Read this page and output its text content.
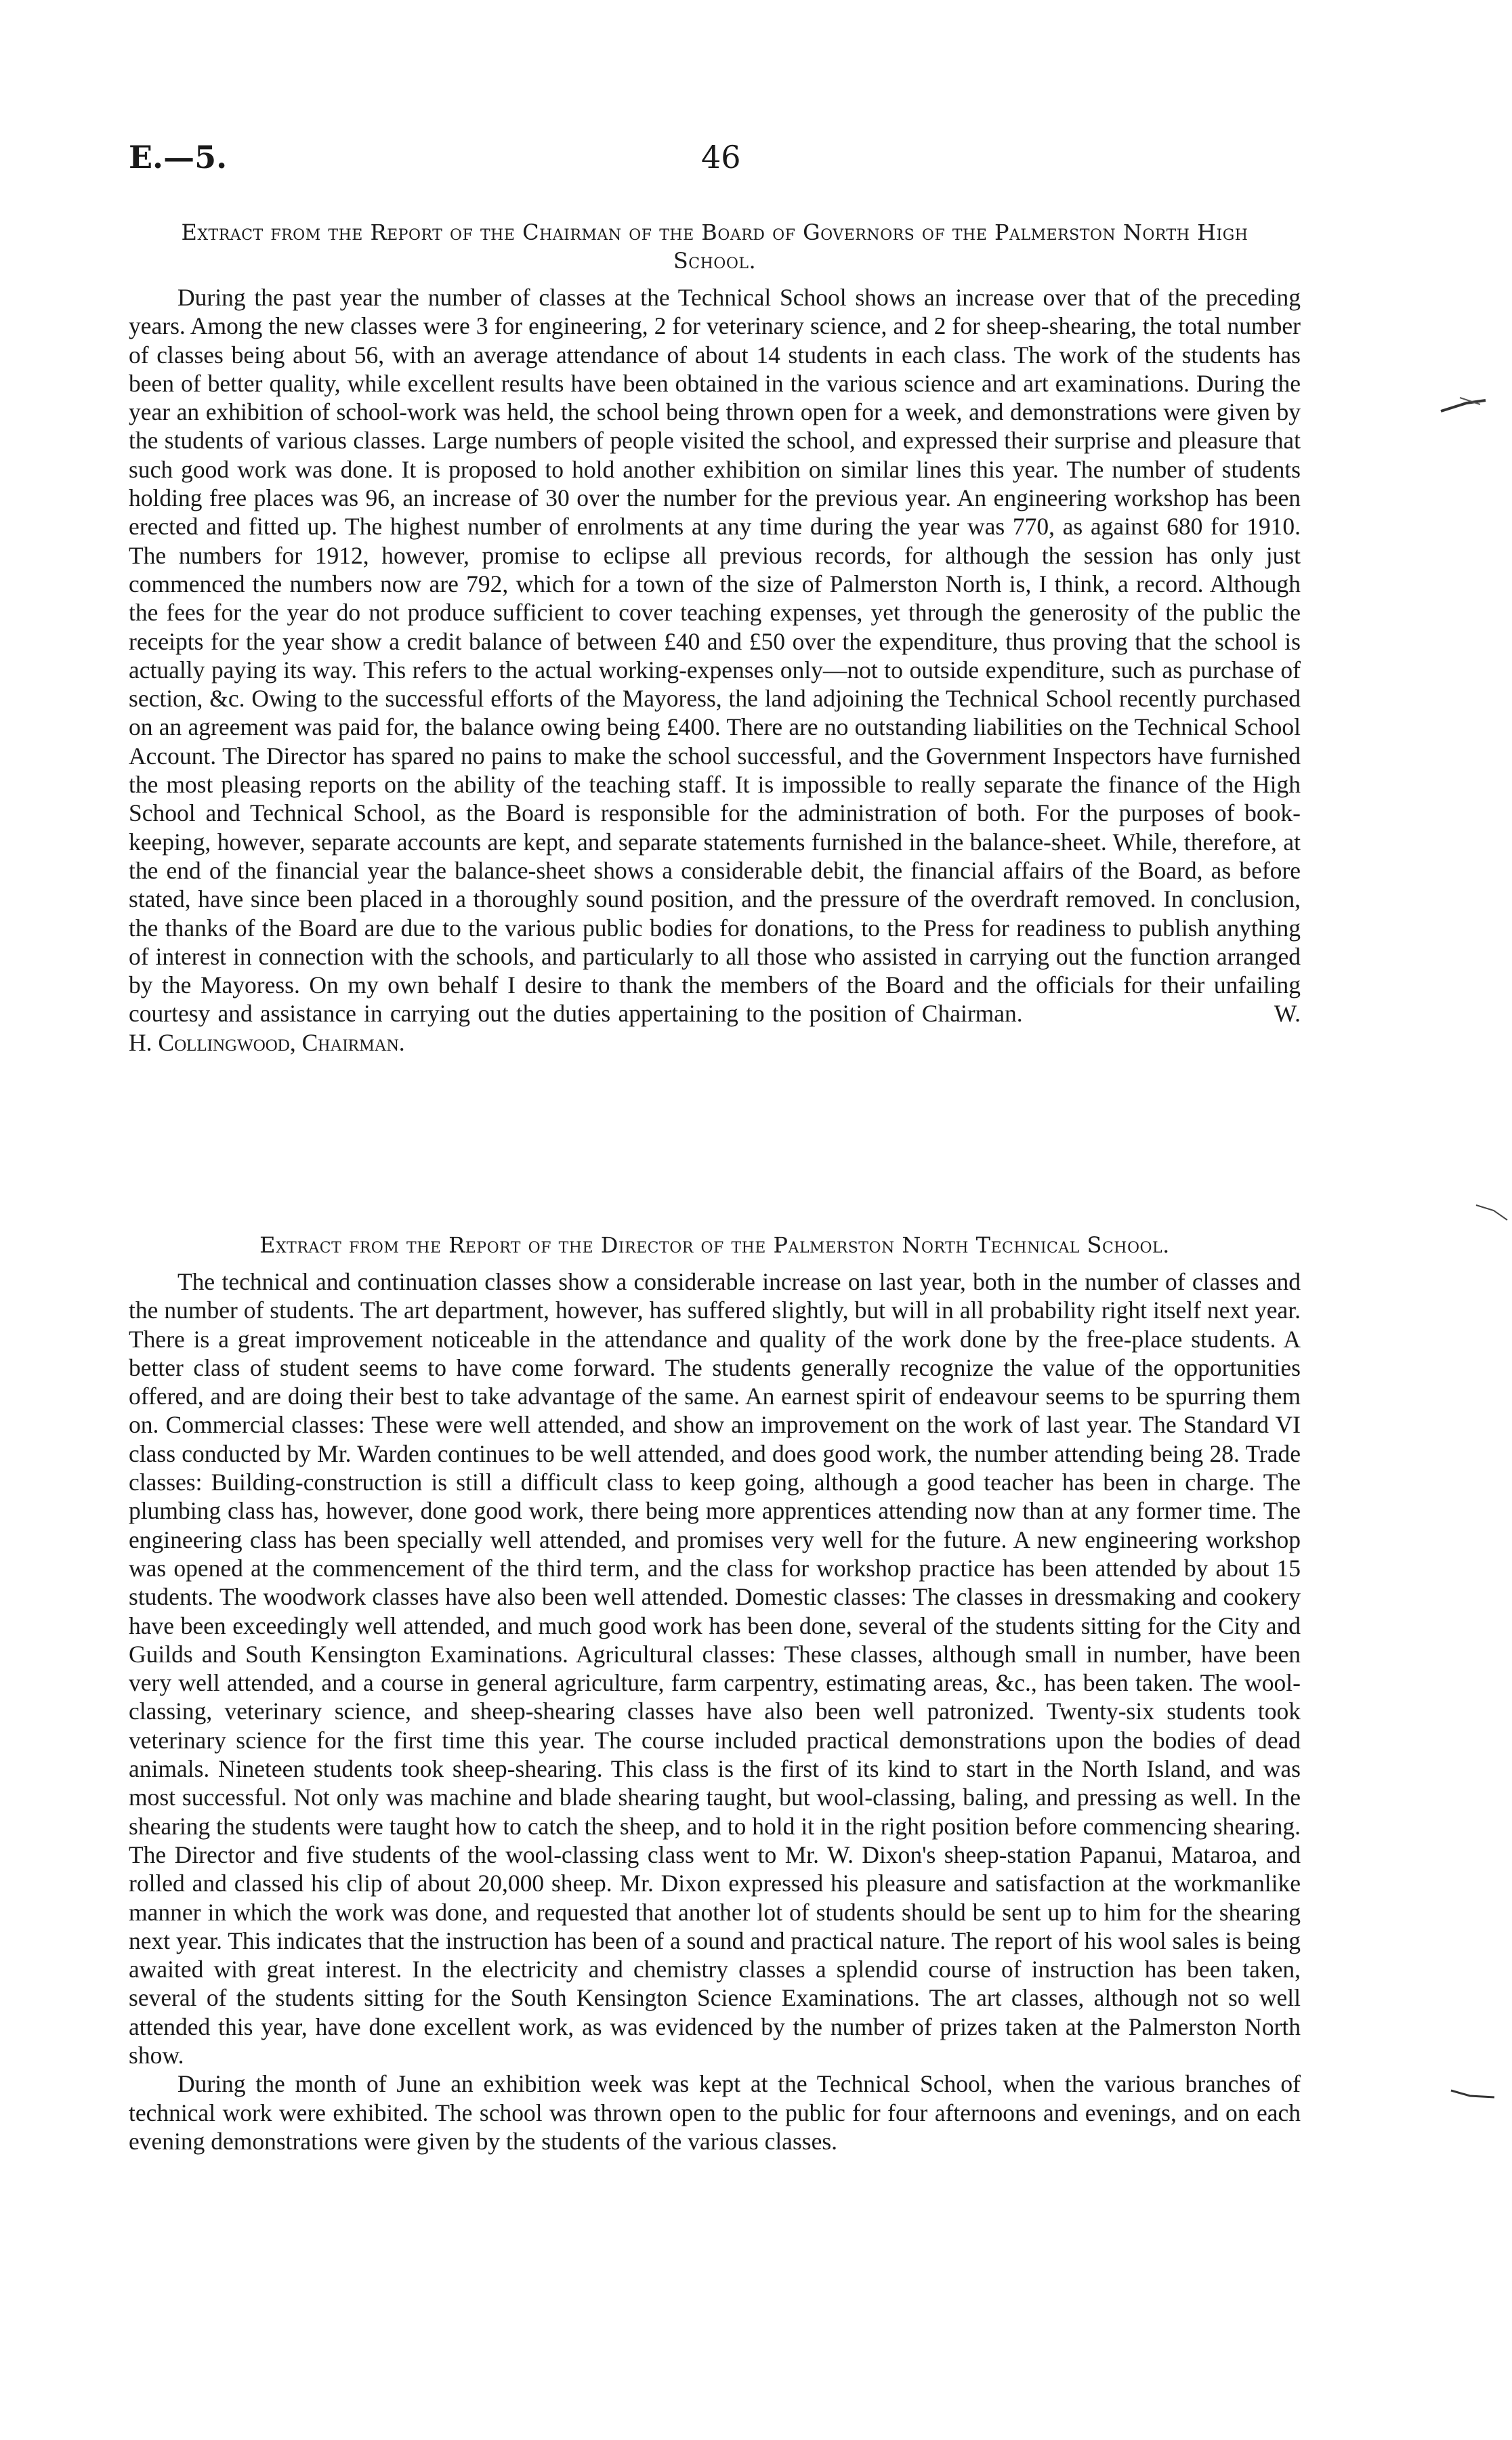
E.—5.	46
Extract from the Report of the Chairman of the Board of Governors of the Palmerston North High School.

During the past year the number of classes at the Technical School shows an increase over that of the preceding years. Among the new classes were 3 for engineering, 2 for veterinary science, and 2 for sheep-shearing, the total number of classes being about 56, with an average attendance of about 14 students in each class. The work of the students has been of better quality, while excellent results have been obtained in the various science and art examinations. During the year an exhibition of school-work was held, the school being thrown open for a week, and demonstrations were given by the students of various classes. Large numbers of people visited the school, and expressed their surprise and pleasure that such good work was done. It is proposed to hold another exhibition on similar lines this year. The number of students holding free places was 96, an increase of 30 over the number for the previous year. An engineering workshop has been erected and fitted up. The highest number of enrolments at any time during the year was 770, as against 680 for 1910. The numbers for 1912, however, promise to eclipse all previous records, for although the session has only just commenced the numbers now are 792, which for a town of the size of Palmerston North is, I think, a record. Although the fees for the year do not produce sufficient to cover teaching expenses, yet through the generosity of the public the receipts for the year show a credit balance of between £40 and £50 over the expenditure, thus proving that the school is actually paying its way. This refers to the actual working-expenses only—not to outside expenditure, such as purchase of section, &c. Owing to the successful efforts of the Mayoress, the land adjoining the Technical School recently purchased on an agreement was paid for, the balance owing being £400. There are no outstanding liabilities on the Technical School Account. The Director has spared no pains to make the school successful, and the Government Inspectors have furnished the most pleasing reports on the ability of the teaching staff. It is impossible to really separate the finance of the High School and Technical School, as the Board is responsible for the administration of both. For the purposes of book-keeping, however, separate accounts are kept, and separate statements furnished in the balance-sheet. While, therefore, at the end of the financial year the balance-sheet shows a considerable debit, the financial affairs of the Board, as before stated, have since been placed in a thoroughly sound position, and the pressure of the overdraft removed. In conclusion, the thanks of the Board are due to the various public bodies for donations, to the Press for readiness to publish anything of interest in connection with the schools, and particularly to all those who assisted in carrying out the function arranged by the Mayoress. On my own behalf I desire to thank the members of the Board and the officials for their unfailing courtesy and assistance in carrying out the duties appertaining to the position of Chairman.	W. H. Collingwood, Chairman.

Extract from the Report of the Director of the Palmerston North Technical School.

The technical and continuation classes show a considerable increase on last year, both in the number of classes and the number of students. The art department, however, has suffered slightly, but will in all probability right itself next year. There is a great improvement noticeable in the attendance and quality of the work done by the free-place students. A better class of student seems to have come forward. The students generally recognize the value of the opportunities offered, and are doing their best to take advantage of the same. An earnest spirit of endeavour seems to be spurring them on. Commercial classes: These were well attended, and show an improvement on the work of last year. The Standard VI class conducted by Mr. Warden continues to be well attended, and does good work, the number attending being 28. Trade classes: Building-construction is still a difficult class to keep going, although a good teacher has been in charge. The plumbing class has, however, done good work, there being more apprentices attending now than at any former time. The engineering class has been specially well attended, and promises very well for the future. A new engineering workshop was opened at the commencement of the third term, and the class for workshop practice has been attended by about 15 students. The woodwork classes have also been well attended. Domestic classes: The classes in dressmaking and cookery have been exceedingly well attended, and much good work has been done, several of the students sitting for the City and Guilds and South Kensington Examinations. Agricultural classes: These classes, although small in number, have been very well attended, and a course in general agriculture, farm carpentry, estimating areas, &c., has been taken. The wool-classing, veterinary science, and sheep-shearing classes have also been well patronized. Twenty-six students took veterinary science for the first time this year. The course included practical demonstrations upon the bodies of dead animals. Nineteen students took sheep-shearing. This class is the first of its kind to start in the North Island, and was most successful. Not only was machine and blade shearing taught, but wool-classing, baling, and pressing as well. In the shearing the students were taught how to catch the sheep, and to hold it in the right position before commencing shearing. The Director and five students of the wool-classing class went to Mr. W. Dixon's sheep-station Papanui, Mataroa, and rolled and classed his clip of about 20,000 sheep. Mr. Dixon expressed his pleasure and satisfaction at the workmanlike manner in which the work was done, and requested that another lot of students should be sent up to him for the shearing next year. This indicates that the instruction has been of a sound and practical nature. The report of his wool sales is being awaited with great interest. In the electricity and chemistry classes a splendid course of instruction has been taken, several of the students sitting for the South Kensington Science Examinations. The art classes, although not so well attended this year, have done excellent work, as was evidenced by the number of prizes taken at the Palmerston North show.

During the month of June an exhibition week was kept at the Technical School, when the various branches of technical work were exhibited. The school was thrown open to the public for four afternoons and evenings, and on each evening demonstrations were given by the students of the various classes.
